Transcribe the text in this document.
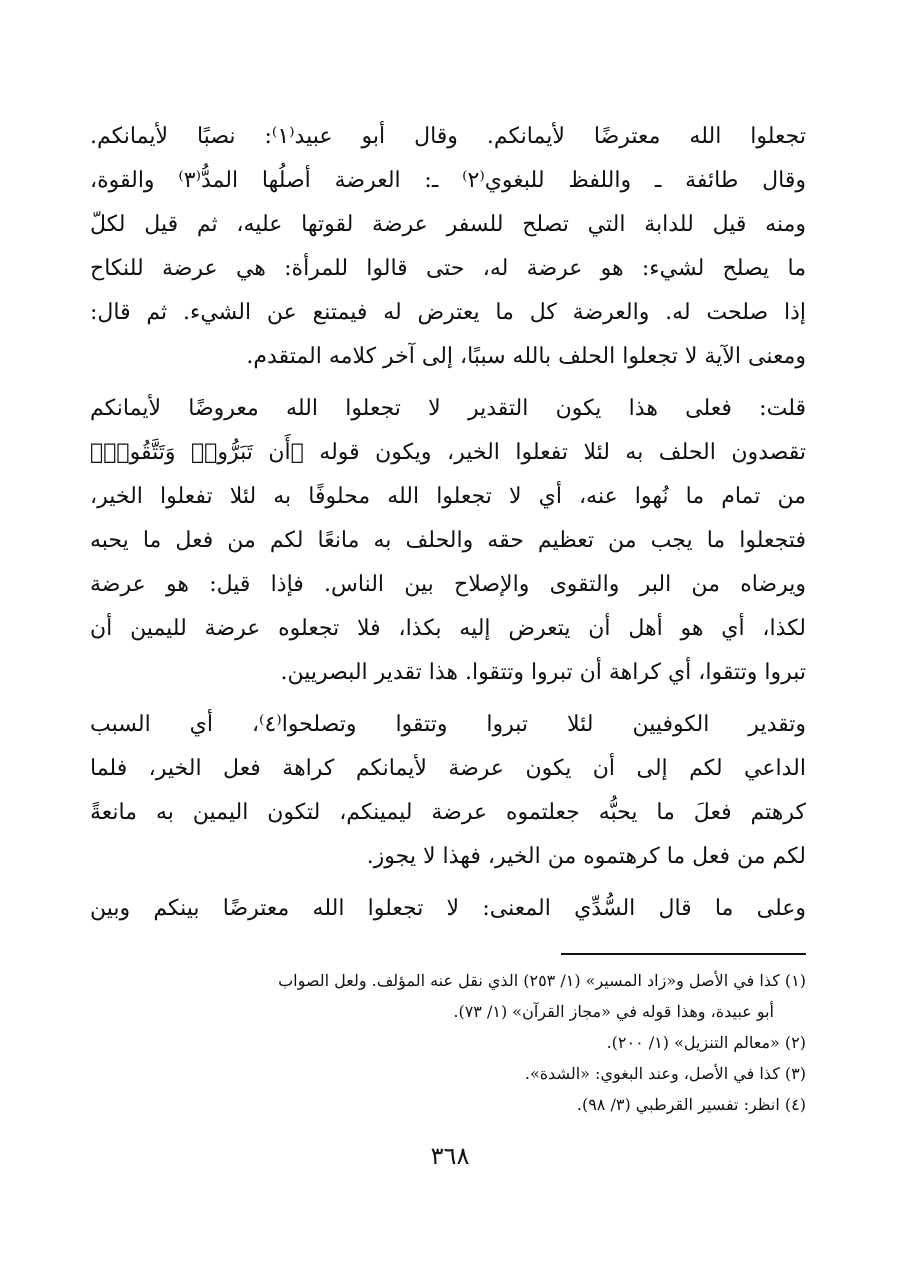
تجعلوا الله معترضًا لأيمانكم. وقال أبو عبيد⁽١⁾: نصبًا لأيمانكم.
وقال طائفة ـ واللفظ للبغوي⁽٢⁾ ـ: العرضة أصلُها المدُّ⁽٣⁾ والقوة،
ومنه قيل للدابة التي تصلح للسفر عرضة لقوتها عليه، ثم قيل لكلّ
ما يصلح لشيء: هو عرضة له، حتى قالوا للمرأة: هي عرضة للنكاح
إذا صلحت له. والعرضة كل ما يعترض له فيمتنع عن الشيء. ثم قال:
ومعنى الآية لا تجعلوا الحلف بالله سببًا، إلى آخر كلامه المتقدم.
قلت: فعلى هذا يكون التقدير لا تجعلوا الله معروضًا لأيمانكم
تقصدون الحلف به لئلا تفعلوا الخير، ويكون قوله ﴿أَن تَبَرُّوا۟ وَتَتَّقُوا۟﴾
من تمام ما نُهوا عنه، أي لا تجعلوا الله محلوفًا به لئلا تفعلوا الخير،
فتجعلوا ما يجب من تعظيم حقه والحلف به مانعًا لكم من فعل ما يحبه
ويرضاه من البر والتقوى والإصلاح بين الناس. فإذا قيل: هو عرضة
لكذا، أي هو أهل أن يتعرض إليه بكذا، فلا تجعلوه عرضة لليمين أن
تبروا وتتقوا، أي كراهة أن تبروا وتتقوا. هذا تقدير البصريين.
وتقدير الكوفيين لئلا تبروا وتتقوا وتصلحوا⁽٤⁾، أي السبب
الداعي لكم إلى أن يكون عرضة لأيمانكم كراهة فعل الخير، فلما
كرهتم فعلَ ما يحبُّه جعلتموه عرضة ليمينكم، لتكون اليمين به مانعةً
لكم من فعل ما كرهتموه من الخير، فهذا لا يجوز.
وعلى ما قال السُّدِّي المعنى: لا تجعلوا الله معترضًا بينكم وبين
(١) كذا في الأصل و«زاد المسير» (١/ ٢٥٣) الذي نقل عنه المؤلف. ولعل الصواب
أبو عبيدة، وهذا قوله في «مجاز القرآن» (١/ ٧٣).
(٢) «معالم التنزيل» (١/ ٢٠٠).
(٣) كذا في الأصل، وعند البغوي: «الشدة».
(٤) انظر: تفسير القرطبي (٣/ ٩٨).
٣٦٨
